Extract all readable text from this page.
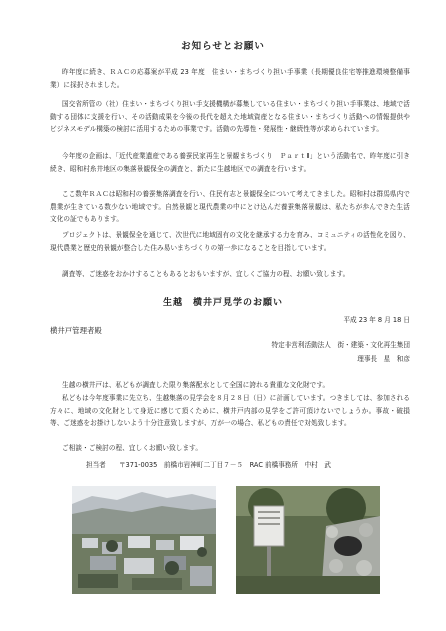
お知らせとお願い
昨年度に続き、ＲＡＣの応募案が平成 23 年度　住まい・まちづくり担い手事業（長期優良住宅等推進環境整備事業）に採択されました。
国交省所管の（社）住まい・まちづくり担い手支援機構が募集している住まい・まちづくり担い手事業は、地域で活動する団体に支援を行い、その活動成果を今後の長代を超えた地域資産となる住まい・まちづくり活動への情報提供やビジネスモデル構築の検討に活用するための事業です。活動の先導性・発展性・継続性等が求められています。
今年度の企画は、「近代産業遺産である養蚕民家再生と景観まちづくり　ＰａｒｔⅡ」という活動名で、昨年度に引き続き、昭和村糸井地区の集落景観保全の調査と、新たに生越地区での調査を行います。
ここ数年ＲＡＣは昭和村の養蚕集落調査を行い、住民有志と景観保全について考えてきました。昭和村は群馬県内で農業が生きている数少ない地域です。自然景観と現代農業の中にとけ込んだ養蚕集落景観は、私たちが歩んできた生活文化の証でもあります。
プロジェクトは、景観保全を通じて、次世代に地域固有の文化を継承する力を育み、コミュニティの活性化を図り、現代農業と歴史的景観が整合した住み易いまちづくりの第一歩になることを目指しています。
調査等、ご迷惑をおかけすることもあるとおもいますが、宜しくご協力の程、お願い致します。
生越　横井戸見学のお願い
平成 23 年 8 月 18 日
横井戸管理者殿
特定非営利活動法人　街・建築・文化再生集団
理事長　星　和彦
生越の横井戸は、私どもが調査した限り集落配水として全国に誇れる貴重な文化財です。
私どもは今年度事業に先立ち、生越集落の見学会を８月２８日（日）に計画しています。つきましては、参加される方々に、地域の文化財として身近に感じて頂くために、横井戸内部の見学をご許可頂けないでしょうか。事故・破損等、ご迷惑をお掛けしないよう十分注意致しますが、万が一の場合、私どもの責任で対処致します。
ご相談・ご検討の程、宜しくお願い致します。
担当者　　〒371-0035　前橋市岩神町二丁目７－５　RAC 前橋事務所　中村　武
